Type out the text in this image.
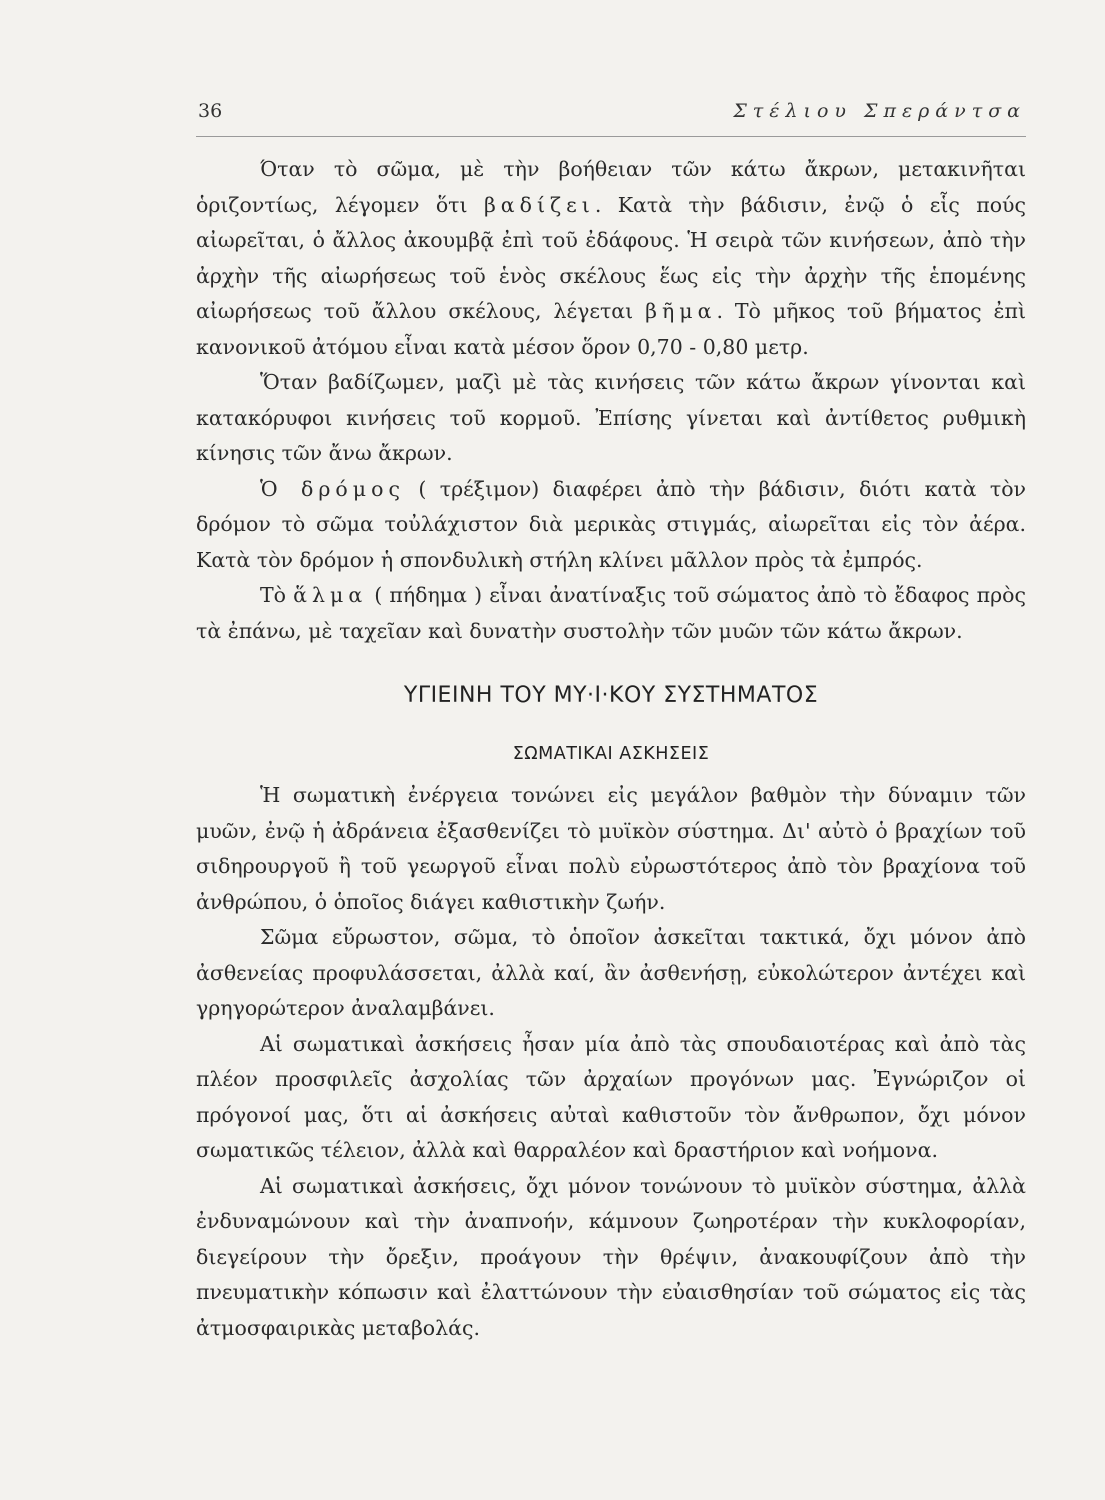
36	Στέλιου Σπεράντσα

Όταν τὸ σῶμα, μὲ τὴν βοήθειαν τῶν κάτω ἄκρων, μετακινῆται ὁριζοντίως, λέγομεν ὅτι βαδίζει. Κατὰ τὴν βάδισιν, ἐνῷ ὁ εἷς πούς αἰωρεῖται, ὁ ἄλλος ἀκουμβᾷ ἐπὶ τοῦ ἐδάφους. Ἡ σειρὰ τῶν κινήσεων, ἀπὸ τὴν ἀρχὴν τῆς αἰωρήσεως τοῦ ἑνὸς σκέλους ἕως εἰς τὴν ἀρχὴν τῆς ἑπομένης αἰωρήσεως τοῦ ἄλλου σκέλους, λέγεται βῆμα. Τὸ μῆκος τοῦ βήματος ἐπὶ κανονικοῦ ἀτόμου εἶναι κατὰ μέσον ὅρον 0,70 - 0,80 μετρ.

Ὅταν βαδίζωμεν, μαζὶ μὲ τὰς κινήσεις τῶν κάτω ἄκρων γίνονται καὶ κατακόρυφοι κινήσεις τοῦ κορμοῦ. Ἐπίσης γίνεται καὶ ἀντίθετος ρυθμικὴ κίνησις τῶν ἄνω ἄκρων.

Ὁ δρόμος ( τρέξιμον) διαφέρει ἀπὸ τὴν βάδισιν, διότι κατὰ τὸν δρόμον τὸ σῶμα τοὐλάχιστον διὰ μερικὰς στιγμάς, αἰωρεῖται εἰς τὸν ἀέρα. Κατὰ τὸν δρόμον ἡ σπονδυλικὴ στήλη κλίνει μᾶλλον πρὸς τὰ ἐμπρός.

Τὸ ἅλμα ( πήδημα ) εἶναι ἀνατίναξις τοῦ σώματος ἀπὸ τὸ ἔδαφος πρὸς τὰ ἐπάνω, μὲ ταχεῖαν καὶ δυνατὴν συστολὴν τῶν μυῶν τῶν κάτω ἄκρων.

ΥΓΙΕΙΝΗ ΤΟΥ ΜΥ·Ι·ΚΟΥ ΣΥΣΤΗΜΑΤΟΣ
ΣΩΜΑΤΙΚΑΙ ΑΣΚΗΣΕΙΣ

Ἡ σωματικὴ ἐνέργεια τονώνει εἰς μεγάλον βαθμὸν τὴν δύναμιν τῶν μυῶν, ἐνῷ ἡ ἀδράνεια ἐξασθενίζει τὸ μυϊκὸν σύστημα. Δι' αὐτὸ ὁ βραχίων τοῦ σιδηρουργοῦ ἢ τοῦ γεωργοῦ εἶναι πολὺ εὐρωστότερος ἀπὸ τὸν βραχίονα τοῦ ἀνθρώπου, ὁ ὁποῖος διάγει καθιστικὴν ζωήν.

Σῶμα εὔρωστον, σῶμα, τὸ ὁποῖον ἀσκεῖται τακτικά, ὄχι μόνον ἀπὸ ἀσθενείας προφυλάσσεται, ἀλλὰ καί, ἂν ἀσθενήσῃ, εὐκολώτερον ἀντέχει καὶ γρηγορώτερον ἀναλαμβάνει.

Αἱ σωματικαὶ ἀσκήσεις ἦσαν μία ἀπὸ τὰς σπουδαιοτέρας καὶ ἀπὸ τὰς πλέον προσφιλεῖς ἀσχολίας τῶν ἀρχαίων προγόνων μας. Ἐγνώριζον οἱ πρόγονοί μας, ὅτι αἱ ἀσκήσεις αὐταὶ καθιστοῦν τὸν ἄνθρωπον, ὄχι μόνον σωματικῶς τέλειον, ἀλλὰ καὶ θαρραλέον καὶ δραστήριον καὶ νοήμονα.

Αἱ σωματικαὶ ἀσκήσεις, ὄχι μόνον τονώνουν τὸ μυϊκὸν σύστημα, ἀλλὰ ἐνδυναμώνουν καὶ τὴν ἀναπνοήν, κάμνουν ζωηροτέραν τὴν κυκλοφορίαν, διεγείρουν τὴν ὄρεξιν, προάγουν τὴν θρέψιν, ἀνακουφίζουν ἀπὸ τὴν πνευματικὴν κόπωσιν καὶ ἐλαττώνουν τὴν εὐαισθησίαν τοῦ σώματος εἰς τὰς ἀτμοσφαιρικὰς μεταβολάς.
